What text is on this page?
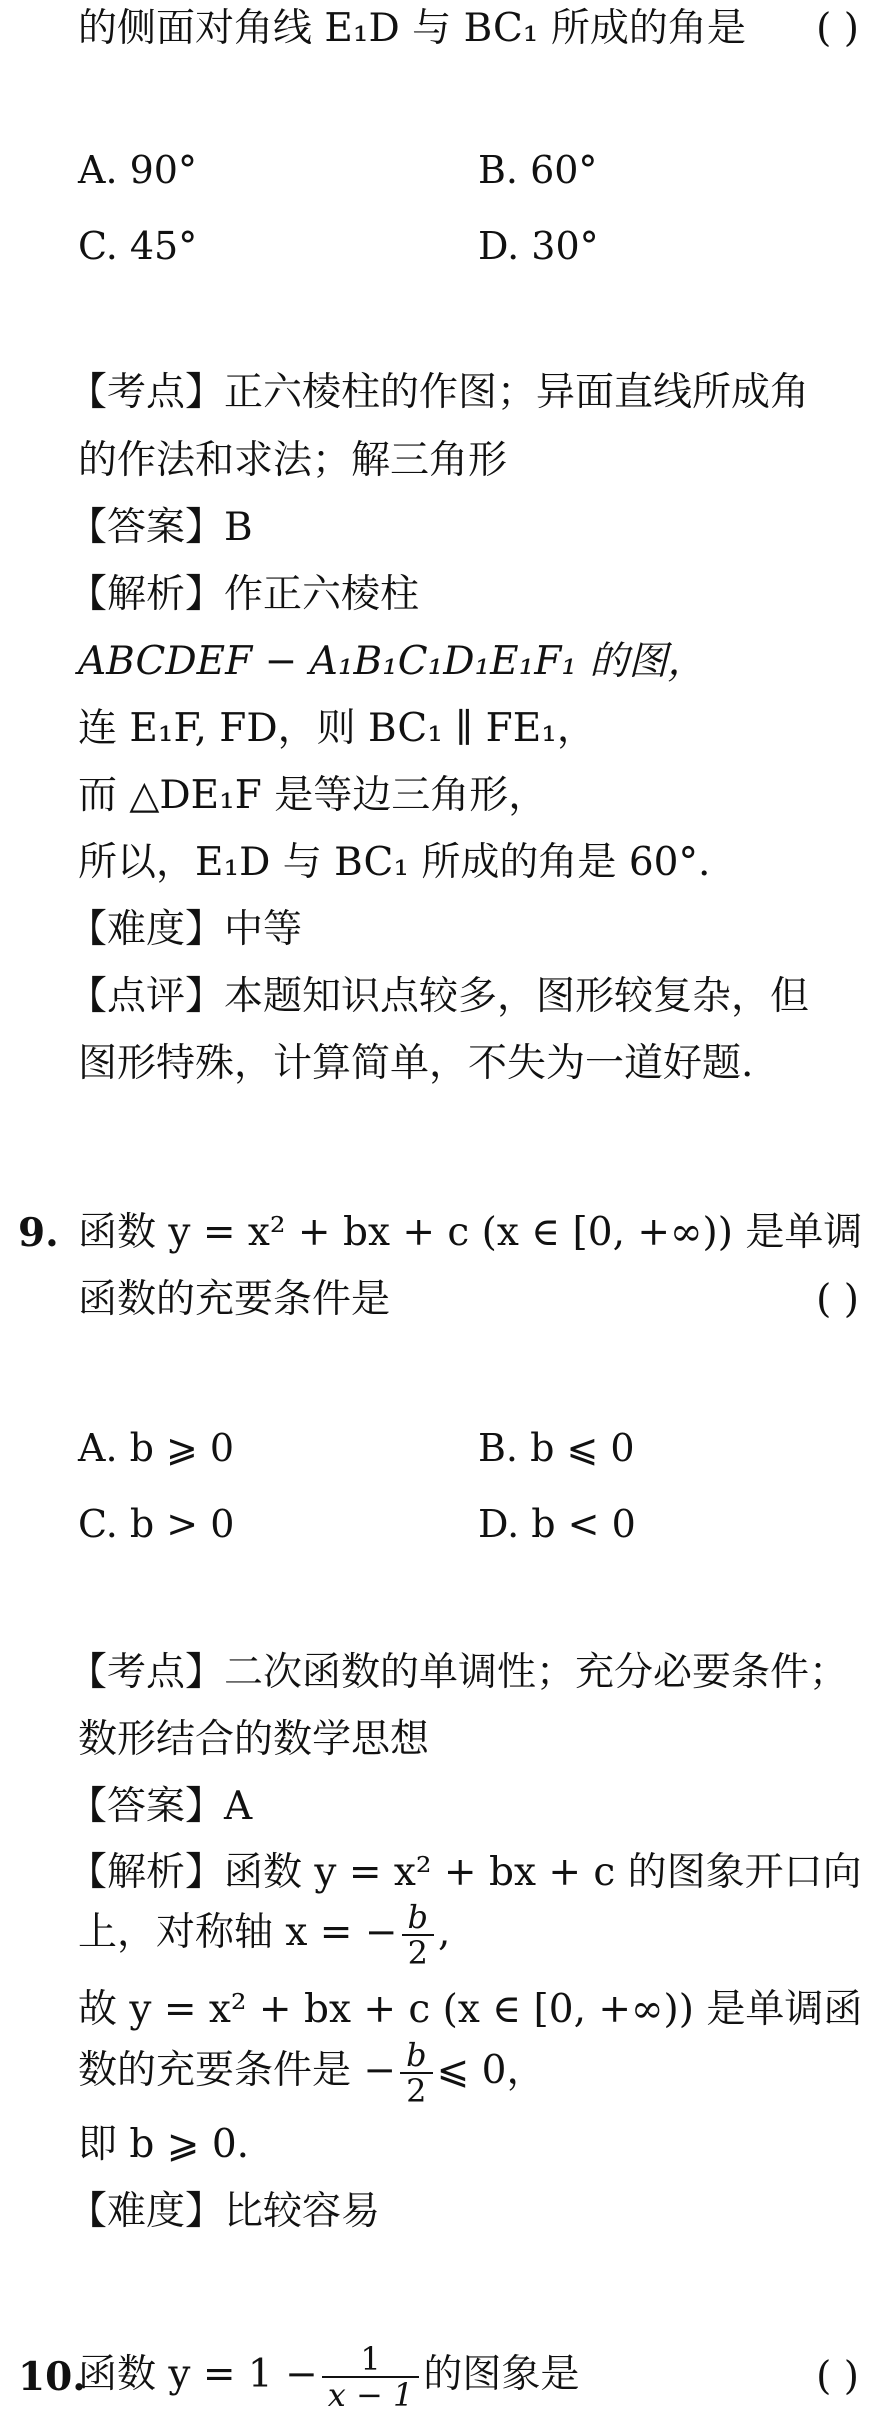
的侧面对角线 E₁D 与 BC₁ 所成的角是 ( )
A. 90°	B. 60°
C. 45°	D. 30°
【考点】正六棱柱的作图；异面直线所成角
的作法和求法；解三角形
【答案】B
【解析】作正六棱柱
ABCDEF − A₁B₁C₁D₁E₁F₁ 的图，
连 E₁F, FD，则 BC₁ ∥ FE₁，
而 △DE₁F 是等边三角形，
所以，E₁D 与 BC₁ 所成的角是 60°.
【难度】中等
【点评】本题知识点较多，图形较复杂，但
图形特殊，计算简单，不失为一道好题.
9. 函数 y = x² + bx + c (x ∈ [0, +∞)) 是单调
函数的充要条件是	( )
A. b ⩾ 0	B. b ⩽ 0
C. b > 0	D. b < 0
【考点】二次函数的单调性；充分必要条件；
数形结合的数学思想
【答案】A
【解析】函数 y = x² + bx + c 的图象开口向
上，对称轴 x = − $\frac{b}{2}$ ,
故 y = x² + bx + c (x ∈ [0, +∞)) 是单调函
数的充要条件是 − $\frac{b}{2}$ ⩽ 0，
即 b ⩾ 0.
【难度】比较容易
10.
函数 $y = 1 - \frac{1}{x - 1}$ 的图象是	( )
